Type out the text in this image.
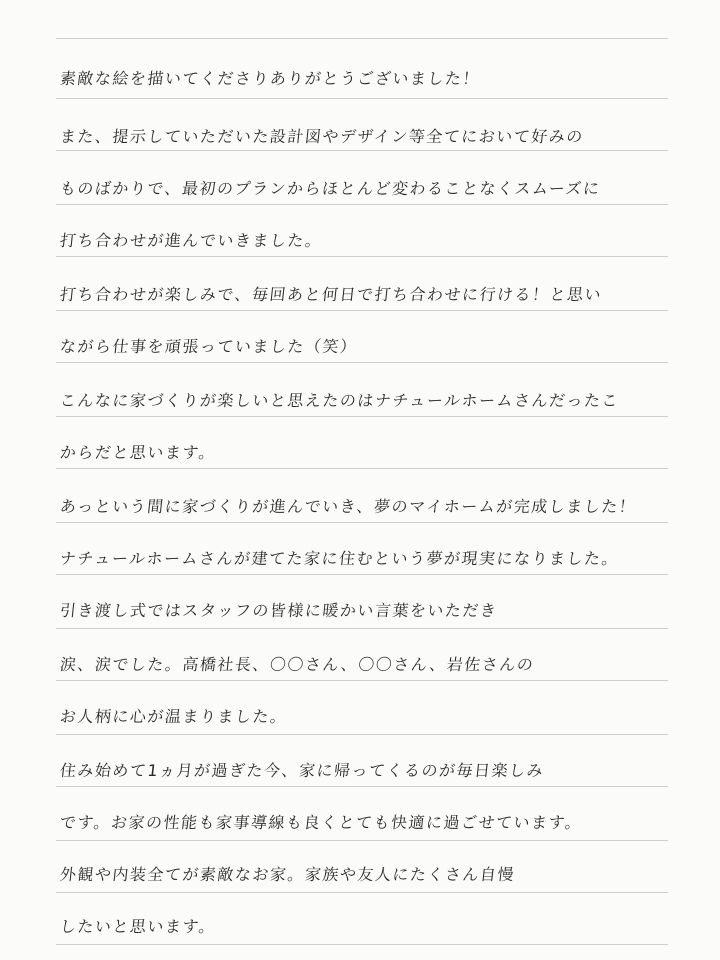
素敵な絵を描いてくださりありがとうございました！
また、提示していただいた設計図やデザイン等全てにおいて好みの
ものばかりで、最初のプランからほとんど変わることなくスムーズに
打ち合わせが進んでいきました。
打ち合わせが楽しみで、毎回あと何日で打ち合わせに行ける！と思い
ながら仕事を頑張っていました（笑）
こんなに家づくりが楽しいと思えたのはナチュールホームさんだったこ
からだと思います。
あっという間に家づくりが進んでいき、夢のマイホームが完成しました！
ナチュールホームさんが建てた家に住むという夢が現実になりました。
引き渡し式ではスタッフの皆様に暖かい言葉をいただき
涙、涙でした。高橋社長、〇〇さん、〇〇さん、岩佐さんの
お人柄に心が温まりました。
住み始めて1ヵ月が過ぎた今、家に帰ってくるのが毎日楽しみ
です。お家の性能も家事導線も良くとても快適に過ごせています。
外観や内装全てが素敵なお家。家族や友人にたくさん自慢
したいと思います。
